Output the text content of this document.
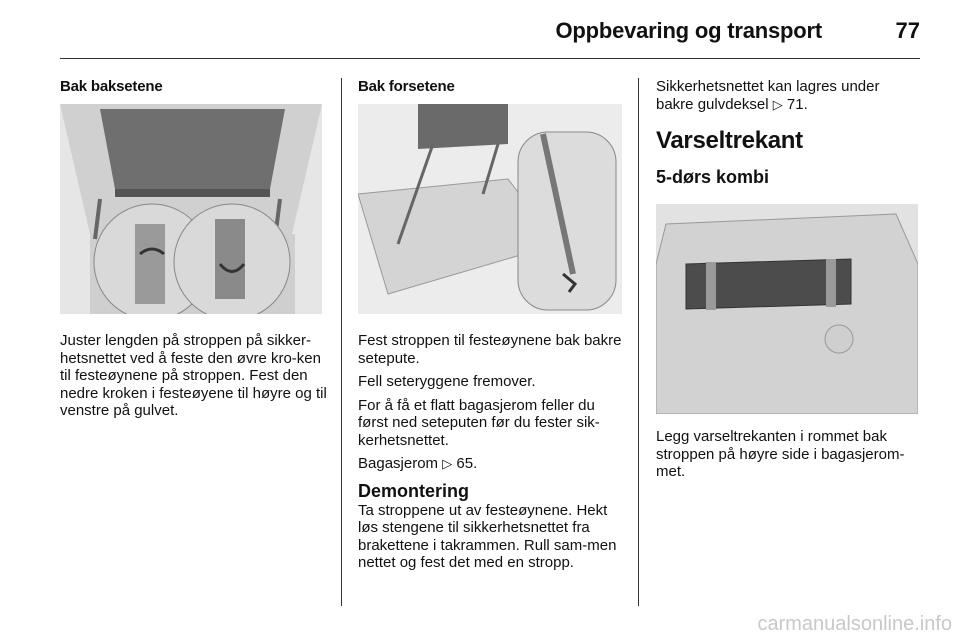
Oppbevaring og transport	77

Bak baksetene

Juster lengden på stroppen på sikker-hetsnettet ved å feste den øvre kro-ken til festeøynene på stroppen. Fest den nedre kroken i festeøyene til høyre og til venstre på gulvet.

Bak forsetene

Fest stroppen til festeøynene bak bakre setepute.

Fell seteryggene fremover.

For å få et flatt bagasjerom feller du først ned seteputen før du fester sik-kerhetsnettet.

Bagasjerom ▷ 65.

Demontering

Ta stroppene ut av festeøynene. Hekt løs stengene til sikkerhetsnettet fra brakettene i takrammen. Rull sam-men nettet og fest det med en stropp.

Sikkerhetsnettet kan lagres under bakre gulvdeksel ▷ 71.

Varseltrekant

5-dørs kombi

Legg varseltrekanten i rommet bak stroppen på høyre side i bagasjerom-met.

carmanualsonline.info
